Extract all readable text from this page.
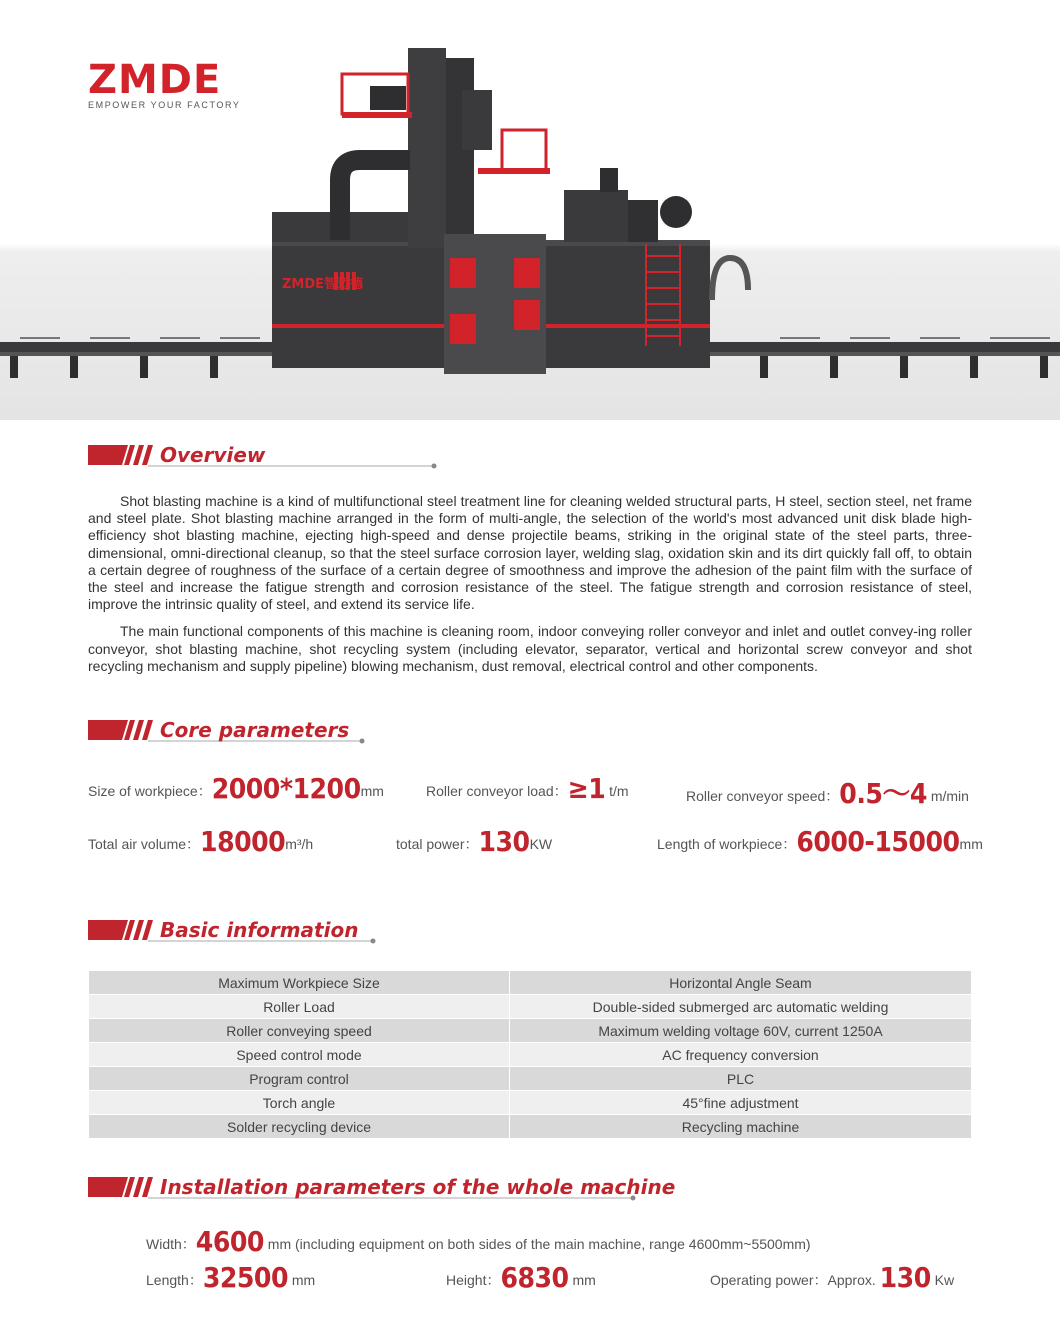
ZMDE智迈德
ZMDE
EMPOWER YOUR FACTORY
Overview

Shot blasting machine is a kind of multifunctional steel treatment line for cleaning welded structural parts, H steel, section steel, net frame and steel plate. Shot blasting machine arranged in the form of multi-angle, the selection of the world's most advanced unit disk blade high-efficiency shot blasting machine, ejecting high-speed and dense projectile beams, striking in the original state of the steel parts, three-dimensional, omni-directional cleanup, so that the steel surface corrosion layer, welding slag, oxidation skin and its dirt quickly fall off, to obtain a certain degree of roughness of the surface of a certain degree of smoothness and improve the adhesion of the paint film with the surface of the steel and increase the fatigue strength and corrosion resistance of the steel. The fatigue strength and corrosion resistance of steel, improve the intrinsic quality of steel, and extend its service life.

The main functional components of this machine is cleaning room, indoor conveying roller conveyor and inlet and outlet convey-ing roller conveyor, shot blasting machine, shot recycling system (including elevator, separator, vertical and horizontal screw conveyor and shot recycling mechanism and supply pipeline) blowing mechanism, dust removal, electrical control and other components.

Core parameters
Size of workpiece：2000*1200mm	Roller conveyor load：≥1 t/m	Roller conveyor speed：0.5～4 m/min
Total air volume：18000m³/h	total power：130KW	Length of workpiece：6000-15000mm
Basic information
Maximum Workpiece Size	Horizontal Angle Seam
Roller Load	Double-sided submerged arc automatic welding
Roller conveying speed	Maximum welding voltage 60V, current 1250A
Speed control mode	AC frequency conversion
Program control	PLC
Torch angle	45°fine adjustment
Solder recycling device	Recycling machine
Installation parameters of the whole machine
Width：4600 mm (including equipment on both sides of the main machine, range 4600mm~5500mm)
Length：32500 mm	Height：6830 mm	Operating power：Approx. 130 Kw
